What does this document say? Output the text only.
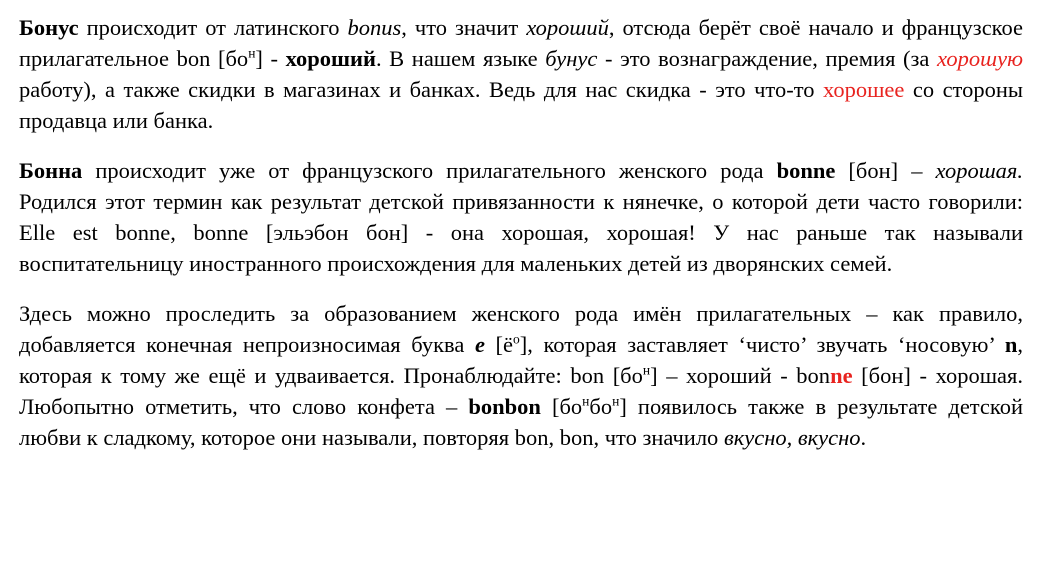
Бонус происходит от латинского bonus, что значит хороший, отсюда берёт своё начало и французское прилагательное bon $[бо^н]$ - хороший. В нашем языке бунус - это вознаграждение, премия (за хорошую работу), а также скидки в магазинах и банках. Ведь для нас скидка - это что-то хорошее со стороны продавца или банка.

Бонна происходит уже от французского прилагательного женского рода bonne [бон] – хорошая. Родился этот термин как результат детской привязанности к нянечке, о которой дети часто говорили: Elle est bonne, bonne [эльэбон бон] - она хорошая, хорошая! У нас раньше так называли воспитательницу иностранного происхождения для маленьких детей из дворянских семей.

Здесь можно проследить за образованием женского рода имён прилагательных – как правило, добавляется конечная непроизносимая буква е $[ё^о]$, которая заставляет ‘чисто’ звучать ‘носовую’ n, которая к тому же ещё и удваивается. Пронаблюдайте: bon $[бо^н]$ – хороший - bonne [бон] - хорошая. Любопытно отметить, что слово конфета – bonbon $[бо^нбо^н]$ появилось также в результате детской любви к сладкому, которое они называли, повторяя bon, bon, что значило вкусно, вкусно.
